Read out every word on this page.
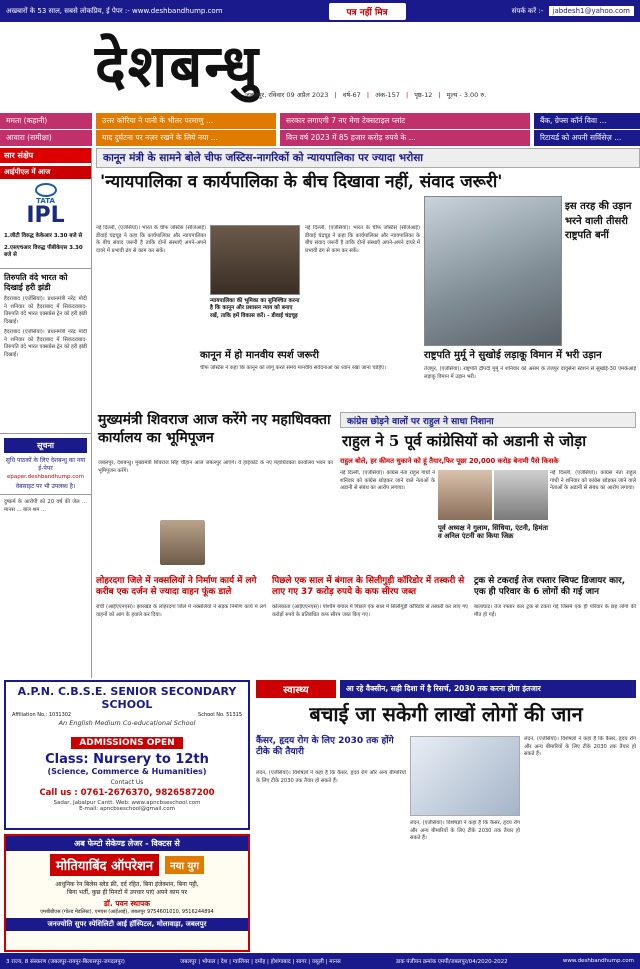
अखबारों के 53 साल, सबसे लोकप्रिय, ई पेपर :- www.deshbandhump.com	पत्र नहीं मित्र	संपर्क करें :- jabdesh1@yahoo.com
देशबन्धु
जबलपुर, रविवार 09 अप्रैल 2023 | वर्ष-67 | अंक-157 | पृष्ठ-12 | मूल्य - 3.00 रु.
ममता (कहानी)
आवारा (समीक्षा)
उत्तर कोरिया ने पानी के भीतर परमाणु ...
याद दुर्घटना पर नज़र रखने के लिये नया ...
सरकार लगाएगी 7 नए मेगा टेक्सटाइल प्लांट
वित्त वर्ष 2023 में 85 हजार करोड़ रुपये के ...
बैंक, ग्रेफ्स कॉर्न विवा ...
रिटायर्ड को अपनी सर्विसेज़ ...
सार संक्षेप
आईपीएल में आज
TATA
IPL
1.जीटी विरुद्ध केकेआर 3.30 बजे से
2.एसएचआर विरुद्ध पीबीकेएस 3.30 बजे से
तिरुपति वंदे भारत को दिखाई हरी झंडी
हैदराबाद (एजेंसियां)। प्रधानमंत्री नरेंद्र मोदी ने शनिवार को हैदराबाद में सिकंदराबाद-तिरुपति वंदे भारत एक्सप्रेस ट्रेन को हरी झंडी दिखाई।
हैदराबाद (एजेंसियां)। प्रधानमंत्री नरेंद्र मोदी ने शनिवार को हैदराबाद में सिकंदराबाद-तिरुपति वंदे भारत एक्सप्रेस ट्रेन को हरी झंडी दिखाई।
सूचना
सुधि पाठकों के लिए देशबन्धु का नया ई-पेपर
epaper.deshbandhump.com
वेबसाइट पर भी उपलब्ध है।
दुष्कर्म के आरोपी को 20 वर्ष की जेल ... मानस ... बाल श्रम ...
कानून मंत्री के सामने बोले चीफ जस्टिस-नागरिकों को न्यायपालिका पर ज्यादा भरोसा
'न्यायपालिका व कार्यपालिका के बीच दिखावा नहीं, संवाद जरूरी'
नई दिल्ली, (एजेंसियां)। भारत के चीफ जस्टिस (सीजेआई) डीवाई चंद्रचूड़ ने कहा कि कार्यपालिका और न्यायपालिका के बीच संवाद जरूरी है ताकि दोनों संस्थाएँ अपने-अपने दायरे में प्रभावी ढंग से काम कर सकें।
न्यायपालिका की भूमिका का सुनिश्चित करना है कि कानून और प्रशासन न्याय को बनाए रखें, ताकि हमें विकास करें। - डीवाई चंद्रचूड़
नई दिल्ली, (एजेंसियां)। भारत के चीफ जस्टिस (सीजेआई) डीवाई चंद्रचूड़ ने कहा कि कार्यपालिका और न्यायपालिका के बीच संवाद जरूरी है ताकि दोनों संस्थाएँ अपने-अपने दायरे में प्रभावी ढंग से काम कर सकें।
कानून में हो मानवीय स्पर्श जरूरी
चीफ जस्टिस ने कहा कि कानून को लागू करते समय मानवीय संवेदनाओं का ध्यान रखा जाना चाहिए।
इस तरह की उड़ान भरने वाली तीसरी राष्ट्रपति बनीं
राष्ट्रपति मुर्मू ने सुखोई लड़ाकू विमान में भरी उड़ान
तेजपुर, (एजेंसियां)। राष्ट्रपति द्रौपदी मुर्मू ने शनिवार को असम के तेजपुर वायुसेना स्टेशन से सुखोई-30 एमकेआई लड़ाकू विमान में उड़ान भरी।
मुख्यमंत्री शिवराज आज करेंगे नए महाधिवक्ता कार्यालय का भूमिपूजन
जबलपुर, देशबन्धु। मुख्यमंत्री शिवराज सिंह चौहान आज जबलपुर आएंगे। वे हाईकोर्ट के नए महाधिवक्ता कार्यालय भवन का भूमिपूजन करेंगे।
कांग्रेस छोड़ने वालों पर राहुल ने साधा निशाना
राहुल ने 5 पूर्व कांग्रेसियों को अडानी से जोड़ा
राहुल बोले, हर कीमत चुकाने को हूं तैयार,फिर पूछा 20,000 करोड़ बेनामी पैसे किसके
नई दिल्ली, (एजेंसियां)। कांग्रेस नेता राहुल गांधी ने शनिवार को कांग्रेस छोड़कर जाने वाले नेताओं के अडानी से संबंध का आरोप लगाया।
नई दिल्ली, (एजेंसियां)। कांग्रेस नेता राहुल गांधी ने शनिवार को कांग्रेस छोड़कर जाने वाले नेताओं के अडानी से संबंध का आरोप लगाया।
पूर्व अध्यक्ष ने गुलाम, सिंधिया, एंटनी, हिमंता व अनिल एंटनी का किया जिक्र
लोहरदगा जिले में नक्सलियों ने निर्माण कार्य में लगे करीब एक दर्जन से ज्यादा वाहन फूंक डाले
रांची (आईएएनएस)। झारखंड के लोहरदगा जिले में नक्सलियों ने सड़क निर्माण कार्य में लगे वाहनों को आग के हवाले कर दिया।
पिछले एक साल में बंगाल के सिलीगुड़ी कॉरिडोर में तस्करी से लाए गए 37 करोड़ रुपये के कफ सीरप जब्त
कोलकाता (आईएएनएस)। पश्चिम बंगाल में पिछले एक साल में सिलीगुड़ी कॉरिडोर से तस्करी कर लाए गए करोड़ों रुपये के प्रतिबंधित कफ सीरप जब्त किए गए।
ट्रक से टकराई तेज रफ्तार स्विफ्ट डिजायर कार, एक ही परिवार के 6 लोगों की गई जान
बालाघाट। तेज रफ्तार कार ट्रक से टकरा गई जिसमें एक ही परिवार के छह लोगों की मौत हो गई।
A.P.N. C.B.S.E. SENIOR SECONDARY SCHOOL
Affiliation No.: 1031302	School No. 51315
An English Medium Co-educational School
ADMISSIONS OPEN
Class: Nursery to 12th
(Science, Commerce & Humanities)
Contact Us
Call us : 0761-2676370, 9826587200
Sadar, Jabalpur Cantt. Web: www.apncbseschool.com
E-mail: apncbseschool@gmail.com
अब फेम्टो सेकेण्ड लेजर - विक्टस से
मोतियाबिंद ऑपरेशन	नया युग
आधुनिक रेन बिलेस ब्लेड फ्री, दर्द रहित, बिना इंजेक्शन, बिना पट्टी,
बिना भर्ती, कुछ ही मिनटों में उपचार पाएं अपने काम पर
डॉ. पवन स्थापक
एमबीबीएस (गोल्ड मेडलिस्ट), एमएस (आईआई), जबलपुर 9754601010, 9516244894
जनज्योति सुपर स्पेशिलिटी आई हॉस्पिटल, मोलावाड़ा, जबलपुर
स्वास्थ्य	आ रहे वैक्सीन, सही दिशा में है रिसर्च, 2030 तक करना होगा इंतजार
बचाई जा सकेगी लाखों लोगों की जान
कैंसर, हृदय रोग के लिए 2030 तक होंगे टीके की तैयारी
लंदन, (एजेंसियां)। विशेषज्ञों ने कहा है कि कैंसर, हृदय रोग और अन्य बीमारियों के लिए टीके 2030 तक तैयार हो सकते हैं।
लंदन, (एजेंसियां)। विशेषज्ञों ने कहा है कि कैंसर, हृदय रोग और अन्य बीमारियों के लिए टीके 2030 तक तैयार हो सकते हैं।
लंदन, (एजेंसियां)। विशेषज्ञों ने कहा है कि कैंसर, हृदय रोग और अन्य बीमारियों के लिए टीके 2030 तक तैयार हो सकते हैं।
3 राज्य, 8 संस्करण (जबलपुर-रायपुर-बिलासपुर-जगदलपुर)	जबलपुर | भोपाल | देश | ग्वालियर | दमोह | होशंगाबाद | सागर | वसूली | मानस	डाक पंजीयन क्रमांक एमपी/जबलपुर/04/2020-2022	www.deshbandhump.com
